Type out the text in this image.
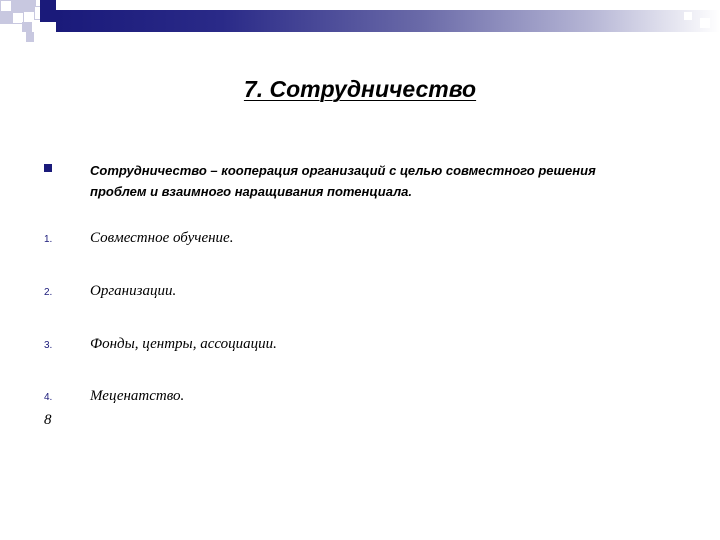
7. Сотрудничество
Сотрудничество – кооперация организаций с целью совместного решения проблем и взаимного наращивания потенциала.
1.	Совместное обучение.
2.	Организации.
3.	Фонды, центры, ассоциации.
4.	Меценатство.
8
